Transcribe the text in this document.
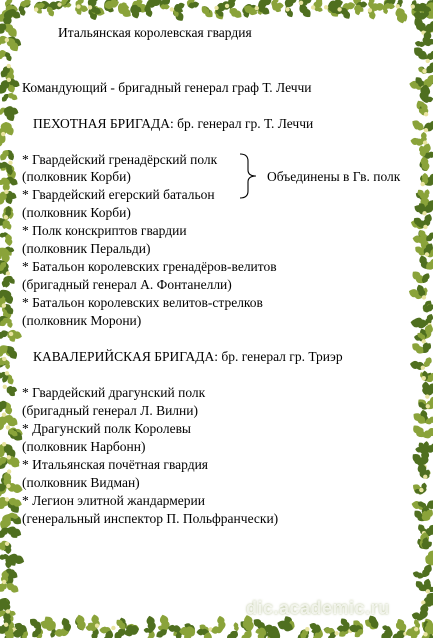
Итальянская королевская гвардия
Командующий - бригадный генерал граф Т. Леччи
ПЕХОТНАЯ БРИГАДА: бр. генерал гр. Т. Леччи
* Гвардейский гренадёрский полк
(полковник Корби)
* Гвардейский егерский батальон
(полковник Корби)
* Полк конскриптов гвардии
(полковник Перальди)
* Батальон королевских гренадёров-велитов
(бригадный генерал А. Фонтанелли)
* Батальон королевских велитов-стрелков
(полковник Морони)
Объединены в Гв. полк
КАВАЛЕРИЙСКАЯ БРИГАДА: бр. генерал гр. Триэр
* Гвардейский драгунский полк
(бригадный генерал Л. Вилни)
* Драгунский полк Королевы
(полковник Нарбонн)
* Итальянская почётная гвардия
(полковник Видман)
* Легион элитной жандармерии
(генеральный инспектор П. Польфранчески)
dic.academic.ru
